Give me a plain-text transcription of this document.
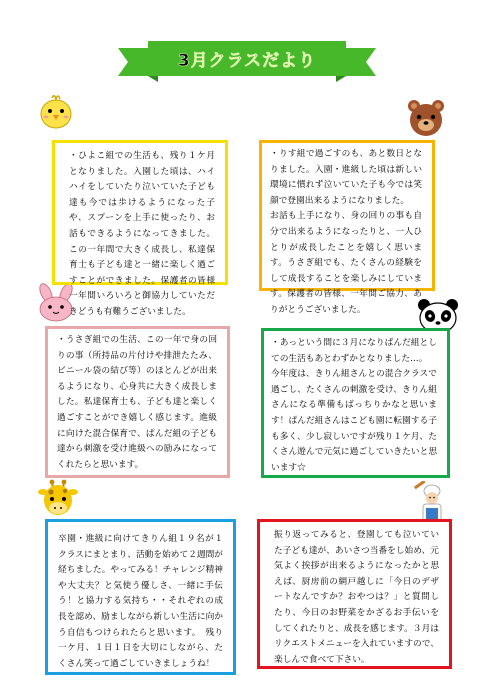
3月クラスだより
・ひよこ組での生活も、残り１ケ月となりました。入園した頃は、ハイハイをしていたり泣いていた子ども達も今では歩けるようになった子や、スプーンを上手に使ったり、お話もできるようになってきました。この一年間で大きく成長し、私達保育士も子ども達と一緒に楽しく過ごすことができました。保護者の皆様一年間いろいろと御協力していただきどうも有難うございました。
・りす組で過ごすのも、あと数日となりました。入園・進級した頃は新しい環境に慣れず泣いていた子も今では笑顔で登園出来るようになりました。
お話も上手になり、身の回りの事も自分で出来るようになったりと、一人ひとりが成長したことを嬉しく思います。うさぎ組でも、たくさんの経験をして成長することを楽しみにしています。保護者の皆様、一年間ご協力、ありがとうございました。
・うさぎ組での生活、この一年で身の回りの事（所持品の片付けや排泄たたみ、ビニール袋の結び等）のほとんどが出来るようになり、心身共に大きく成長しました。私達保育士も、子ども達と楽しく過ごすことができ嬉しく感じます。進級に向けた混合保育で、ぱんだ組の子ども達から刺激を受け進級への励みになってくれたらと思います。
・あっという間に３月になりぱんだ組としての生活もあとわずかとなりました…。
今年度は、きりん組さんとの混合クラスで過ごし、たくさんの刺激を受け、きりん組さんになる準備もばっちりかなと思います！ぱんだ組さんはこども園に転園する子も多く、少し寂しいですが残り１ケ月、たくさん遊んで元気に過ごしていきたいと思います☆
卒園・進級に向けてきりん組１９名が１クラスにまとまり、活動を始めて２週間が経ちました。やってみる！チャレンジ精神や大丈夫？と気使う優しさ、一緒に手伝う！と協力する気持ち・・それぞれの成長を認め、励ましながら新しい生活に向かう自信もつけられたらと思います。　残り一ケ月、１日１日を大切にしながら、たくさん笑って過ごしていきましょうね！
振り返ってみると、登園しても泣いていた子ども達が、あいさつ当番をし始め、元気よく挨拶が出来るようになったかと思えば、厨房前の網戸越しに「今日のデザートなんですか？おやつは？」と質問したり、今日のお野菜をかざるお手伝いをしてくれたりと、成長を感じます。３月はリクエストメニューを入れていますので、楽しんで食べて下さい。
